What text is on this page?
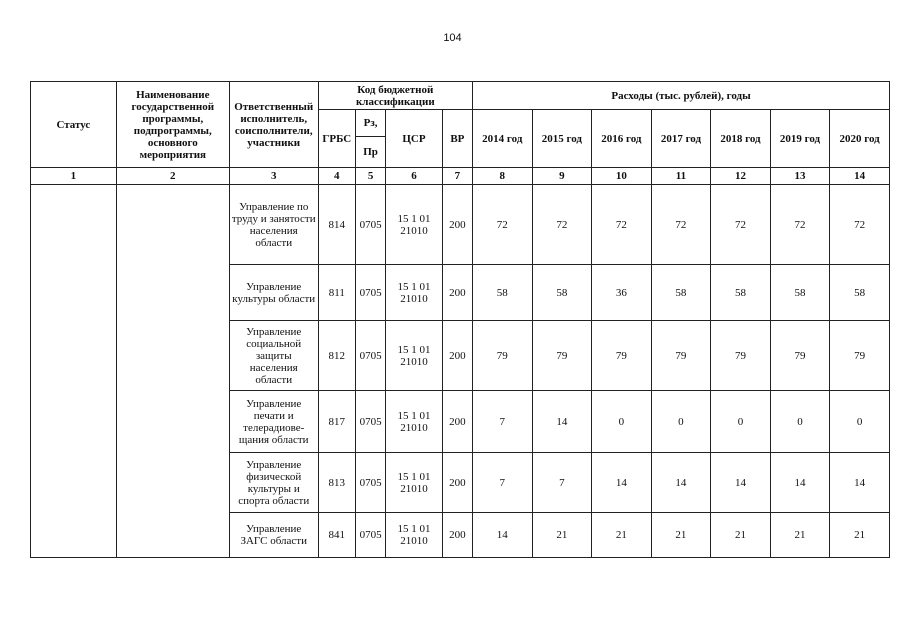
104
Статус	Наименование государственной программы, подпрограммы, основного мероприятия	Ответственный исполнитель, соисполнители, участники	Код бюджетной классификации				Расходы (тыс. рублей), годы						
			ГРБС	Рз,	ЦСР	ВР	2014 год	2015 год	2016 год	2017 год	2018 год	2019 год	2020 год
				Пр									
1	2	3	4	5	6	7	8	9	10	11	12	13	14
		Управление по труду и занятости населения области	814	0705	15 1 01
21010	200	72	72	72	72	72	72	72
		Управление культуры области	811	0705	15 1 01
21010	200	58	58	36	58	58	58	58
		Управление социальной защиты населения области	812	0705	15 1 01
21010	200	79	79	79	79	79	79	79
		Управление печати и телерадиове-щания области	817	0705	15 1 01
21010	200	7	14	0	0	0	0	0
		Управление физической культуры и спорта области	813	0705	15 1 01
21010	200	7	7	14	14	14	14	14
		Управление ЗАГС области	841	0705	15 1 01
21010	200	14	21	21	21	21	21	21
